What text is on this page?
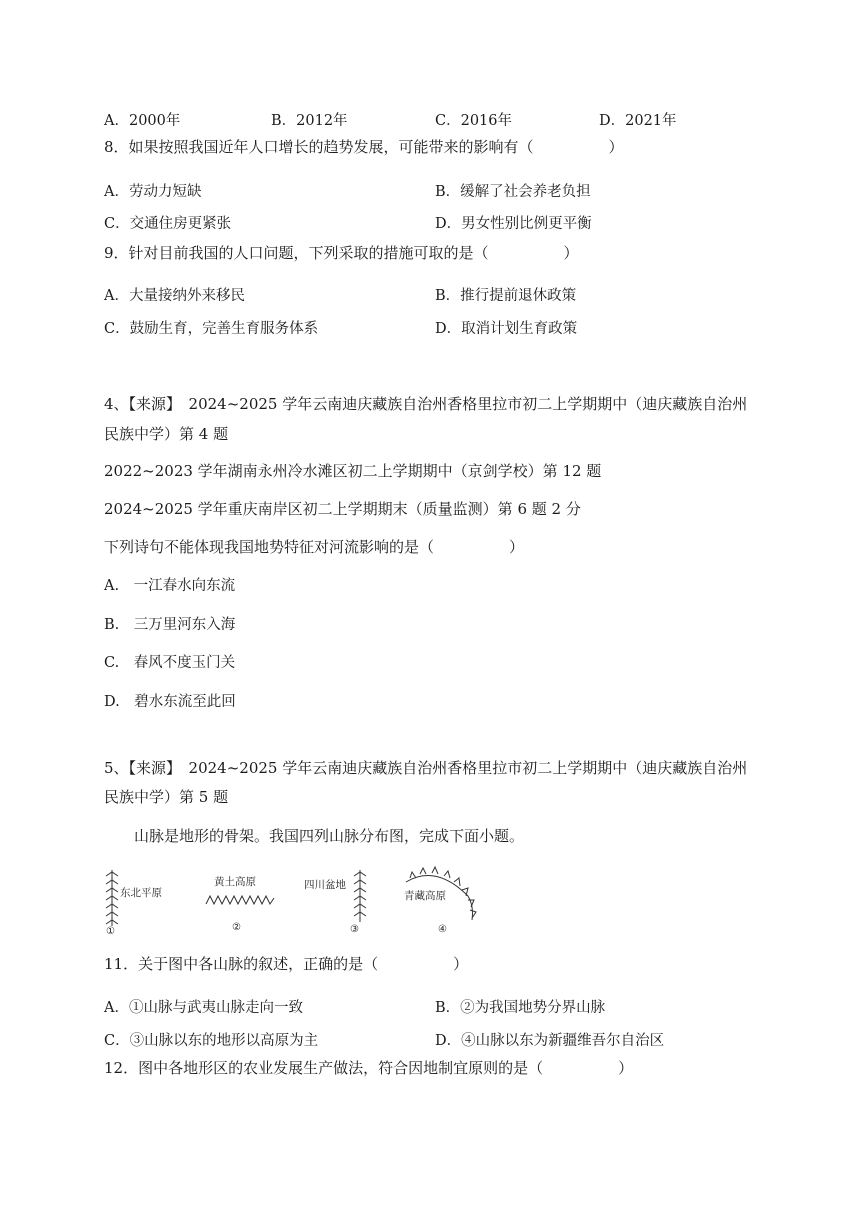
A．2000年	B．2012年	C．2016年	D．2021年
8．如果按照我国近年人口增长的趋势发展，可能带来的影响有（　　　　　）
A．劳动力短缺	B．缓解了社会养老负担
C．交通住房更紧张	D．男女性别比例更平衡
9．针对目前我国的人口问题，下列采取的措施可取的是（　　　　　）
A．大量接纳外来移民	B．推行提前退休政策
C．鼓励生育，完善生育服务体系	D．取消计划生育政策
4、【来源】　2024~2025 学年云南迪庆藏族自治州香格里拉市初二上学期期中（迪庆藏族自治州
民族中学）第 4 题
2022~2023 学年湖南永州冷水滩区初二上学期期中（京剑学校）第 12 题
2024~2025 学年重庆南岸区初二上学期期末（质量监测）第 6 题 2 分
下列诗句不能体现我国地势特征对河流影响的是（　　　　　）
A.　一江春水向东流
B.　三万里河东入海
C.　春风不度玉门关
D.　碧水东流至此回
5、【来源】　2024~2025 学年云南迪庆藏族自治州香格里拉市初二上学期期中（迪庆藏族自治州
民族中学）第 5 题
山脉是地形的骨架。我国四列山脉分布图，完成下面小题。
东北平原
①
黄土高原
②
四川盆地
③
青藏高原
④
11．关于图中各山脉的叙述，正确的是（　　　　　）
A．①山脉与武夷山脉走向一致	B．②为我国地势分界山脉
C．③山脉以东的地形以高原为主	D．④山脉以东为新疆维吾尔自治区
12．图中各地形区的农业发展生产做法，符合因地制宜原则的是（　　　　　）
